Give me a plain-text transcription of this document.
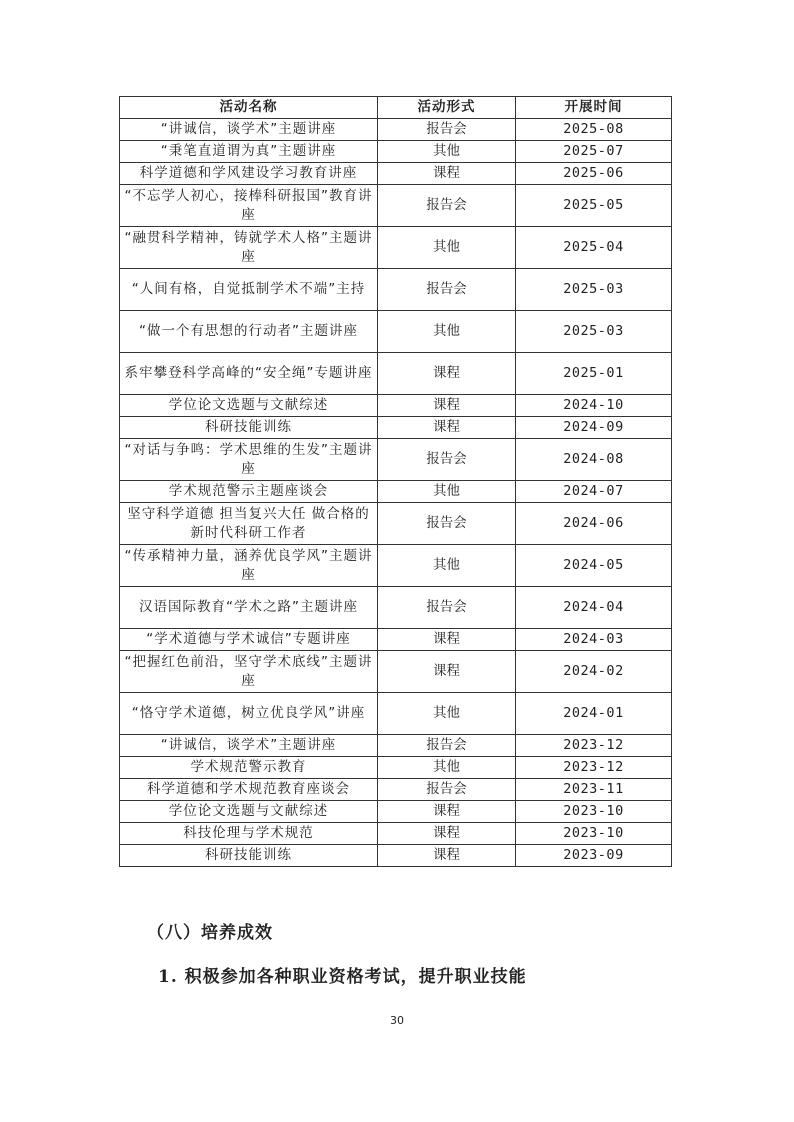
活动名称	活动形式	开展时间
“讲诚信，谈学术”主题讲座	报告会	2025-08
“秉笔直道谓为真”主题讲座	其他	2025-07
科学道德和学风建设学习教育讲座	课程	2025-06
“不忘学人初心，接棒科研报国”教育讲座	报告会	2025-05
“融贯科学精神，铸就学术人格”主题讲座	其他	2025-04
“人间有格，自觉抵制学术不端”主持	报告会	2025-03
“做一个有思想的行动者”主题讲座	其他	2025-03
系牢攀登科学高峰的“安全绳”专题讲座	课程	2025-01
学位论文选题与文献综述	课程	2024-10
科研技能训练	课程	2024-09
“对话与争鸣：学术思维的生发”主题讲座	报告会	2024-08
学术规范警示主题座谈会	其他	2024-07
坚守科学道德 担当复兴大任 做合格的新时代科研工作者	报告会	2024-06
“传承精神力量，涵养优良学风”主题讲座	其他	2024-05
汉语国际教育“学术之路”主题讲座	报告会	2024-04
“学术道德与学术诚信”专题讲座	课程	2024-03
“把握红色前沿，坚守学术底线”主题讲座	课程	2024-02
“恪守学术道德，树立优良学风”讲座	其他	2024-01
“讲诚信，谈学术”主题讲座	报告会	2023-12
学术规范警示教育	其他	2023-12
科学道德和学术规范教育座谈会	报告会	2023-11
学位论文选题与文献综述	课程	2023-10
科技伦理与学术规范	课程	2023-10
科研技能训练	课程	2023-09
（八）培养成效
1. 积极参加各种职业资格考试，提升职业技能
30
